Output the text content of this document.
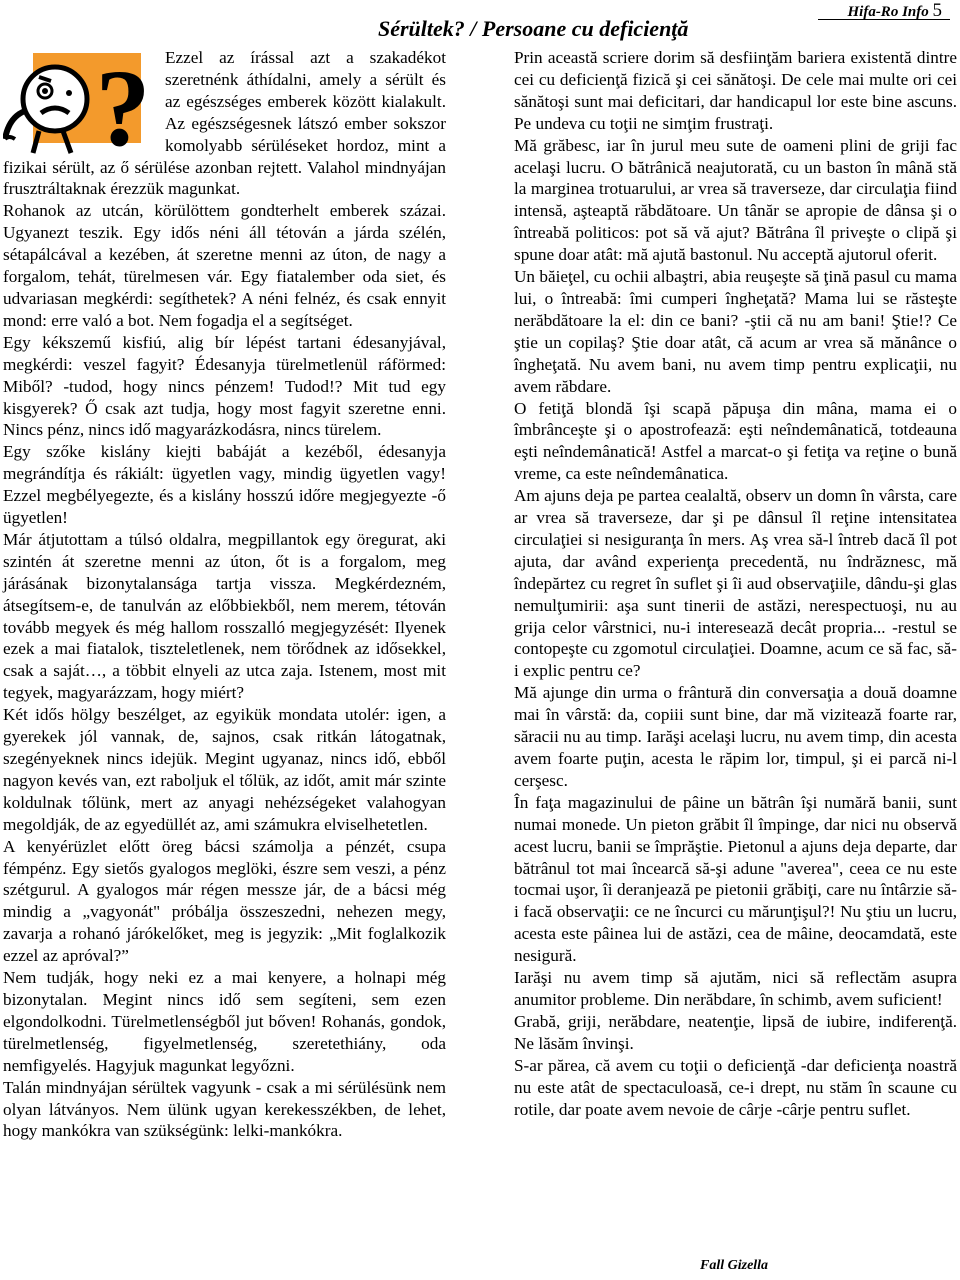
Hifa-Ro Info 5
Sérültek? / Persoane cu deficienţă
? Ezzel az írással azt a szakadékot szeretnénk áthídalni, amely a sérült és az egészséges emberek között kialakult. Az egészségesnek látszó ember sokszor komolyabb sérüléseket hordoz, mint a fizikai sérült, az ő sérülése azonban rejtett. Valahol mindnyájan frusztráltaknak érezzük magunkat.

Rohanok az utcán, körülöttem gondterhelt emberek százai. Ugyanezt teszik. Egy idős néni áll tétován a járda szélén, sétapálcával a kezében, át szeretne menni az úton, de nagy a forgalom, tehát, türelmesen vár. Egy fiatalember oda siet, és udvariasan megkérdi: segíthetek? A néni felnéz, és csak ennyit mond: erre való a bot. Nem fogadja el a segítséget.

Egy kékszemű kisfiú, alig bír lépést tartani édesanyjával, megkérdi: veszel fagyit? Édesanyja türelmetlenül ráförmed: Miből? -tudod, hogy nincs pénzem! Tudod!? Mit tud egy kisgyerek? Ő csak azt tudja, hogy most fagyit szeretne enni. Nincs pénz, nincs idő magyarázkodásra, nincs türelem.

Egy szőke kislány kiejti babáját a kezéből, édesanyja megrándítja és rákiált: ügyetlen vagy, mindig ügyetlen vagy! Ezzel megbélyegezte, és a kislány hosszú időre megjegyezte -ő ügyetlen!

Már átjutottam a túlsó oldalra, megpillantok egy öregurat, aki szintén át szeretne menni az úton, őt is a forgalom, meg járásának bizonytalansága tartja vissza. Megkérdezném, átsegítsem-e, de tanulván az előbbiekből, nem merem, tétován tovább megyek és még hallom rosszalló megjegyzését: Ilyenek ezek a mai fiatalok, tiszteletlenek, nem törődnek az idősekkel, csak a saját…, a többit elnyeli az utca zaja. Istenem, most mit tegyek, magyarázzam, hogy miért?

Két idős hölgy beszélget, az egyikük mondata utolér: igen, a gyerekek jól vannak, de, sajnos, csak ritkán látogatnak, szegényeknek nincs idejük. Megint ugyanaz, nincs idő, ebből nagyon kevés van, ezt raboljuk el tőlük, az időt, amit már szinte koldulnak tőlünk, mert az anyagi nehézségeket valahogyan megoldják, de az egyedüllét az, ami számukra elviselhetetlen.

A kenyérüzlet előtt öreg bácsi számolja a pénzét, csupa fémpénz. Egy sietős gyalogos meglöki, észre sem veszi, a pénz szétgurul. A gyalogos már régen messze jár, de a bácsi még mindig a „vagyonát" próbálja összeszedni, nehezen megy, zavarja a rohanó járókelőket, meg is jegyzik: „Mit foglalkozik ezzel az apróval?”

Nem tudják, hogy neki ez a mai kenyere, a holnapi még bizonytalan. Megint nincs idő sem segíteni, sem ezen elgondolkodni. Türelmetlenségből jut bőven! Rohanás, gondok, türelmetlenség, figyelmetlenség, szeretethiány, oda nemfigyelés. Hagyjuk magunkat legyőzni.

Talán mindnyájan sérültek vagyunk - csak a mi sérülésünk nem olyan látványos. Nem ülünk ugyan kerekesszékben, de lehet, hogy mankókra van szükségünk: lelki-mankókra.

Prin această scriere dorim să desfiinţăm bariera existentă dintre cei cu deficienţă fizică şi cei sănătoşi. De cele mai multe ori cei sănătoşi sunt mai deficitari, dar handicapul lor este bine ascuns. Pe undeva cu toţii ne simţim frustraţi.

Mă grăbesc, iar în jurul meu sute de oameni plini de griji fac acelaşi lucru. O bătrânică neajutorată, cu un baston în mână stă la marginea trotuarului, ar vrea să traverseze, dar circulaţia fiind intensă, aşteaptă răbdătoare. Un tânăr se apropie de dânsa şi o întreabă politicos: pot să vă ajut? Bătrâna îl priveşte o clipă şi spune doar atât: mă ajută bastonul. Nu acceptă ajutorul oferit.

Un băieţel, cu ochii albaştri, abia reuşeşte să ţină pasul cu mama lui, o întreabă: îmi cumperi îngheţată? Mama lui se răsteşte nerăbdătoare la el: din ce bani? -ştii că nu am bani! Ştie!? Ce ştie un copilaş? Ştie doar atât, că acum ar vrea să mănânce o îngheţată. Nu avem bani, nu avem timp pentru explicaţii, nu avem răbdare.

O fetiţă blondă îşi scapă păpuşa din mâna, mama ei o îmbrânceşte şi o apostrofează: eşti neîndemânatică, totdeauna eşti neîndemânatică! Astfel a marcat-o şi fetiţa va reţine o bună vreme, ca este neîndemânatica.

Am ajuns deja pe partea cealaltă, observ un domn în vârsta, care ar vrea să traverseze, dar şi pe dânsul îl reţine intensitatea circulaţiei si nesiguranţa în mers. Aş vrea să-l întreb dacă îl pot ajuta, dar având experienţa precedentă, nu îndrăznesc, mă îndepărtez cu regret în suflet şi îi aud observaţiile, dându-şi glas nemulţumirii: aşa sunt tinerii de astăzi, nerespectuoşi, nu au grija celor vârstnici, nu-i interesează decât propria... -restul se contopeşte cu zgomotul circulaţiei. Doamne, acum ce să fac, să-i explic pentru ce?

Mă ajunge din urma o frântură din conversaţia a două doamne mai în vârstă: da, copiii sunt bine, dar mă vizitează foarte rar, săracii nu au timp. Iarăşi acelaşi lucru, nu avem timp, din acesta avem foarte puţin, acesta le răpim lor, timpul, şi ei parcă ni-l cerşesc.

În faţa magazinului de pâine un bătrân îşi numără banii, sunt numai monede. Un pieton grăbit îl împinge, dar nici nu observă acest lucru, banii se împrăştie. Pietonul a ajuns deja departe, dar bătrânul tot mai încearcă să-şi adune "averea", ceea ce nu este tocmai uşor, îi deranjează pe pietonii grăbiţi, care nu întârzie să-i facă observaţii: ce ne încurci cu mărunţişul?! Nu ştiu un lucru, acesta este pâinea lui de astăzi, cea de mâine, deocamdată, este nesigură.

Iarăşi nu avem timp să ajutăm, nici să reflectăm asupra anumitor probleme. Din nerăbdare, în schimb, avem suficient!

Grabă, griji, nerăbdare, neatenţie, lipsă de iubire, indiferenţă. Ne lăsăm învinşi.

S-ar părea, că avem cu toţii o deficienţă -dar deficienţa noastră nu este atât de spectaculoasă, ce-i drept, nu stăm în scaune cu rotile, dar poate avem nevoie de cârje -cârje pentru suflet.

Fall Gizella
